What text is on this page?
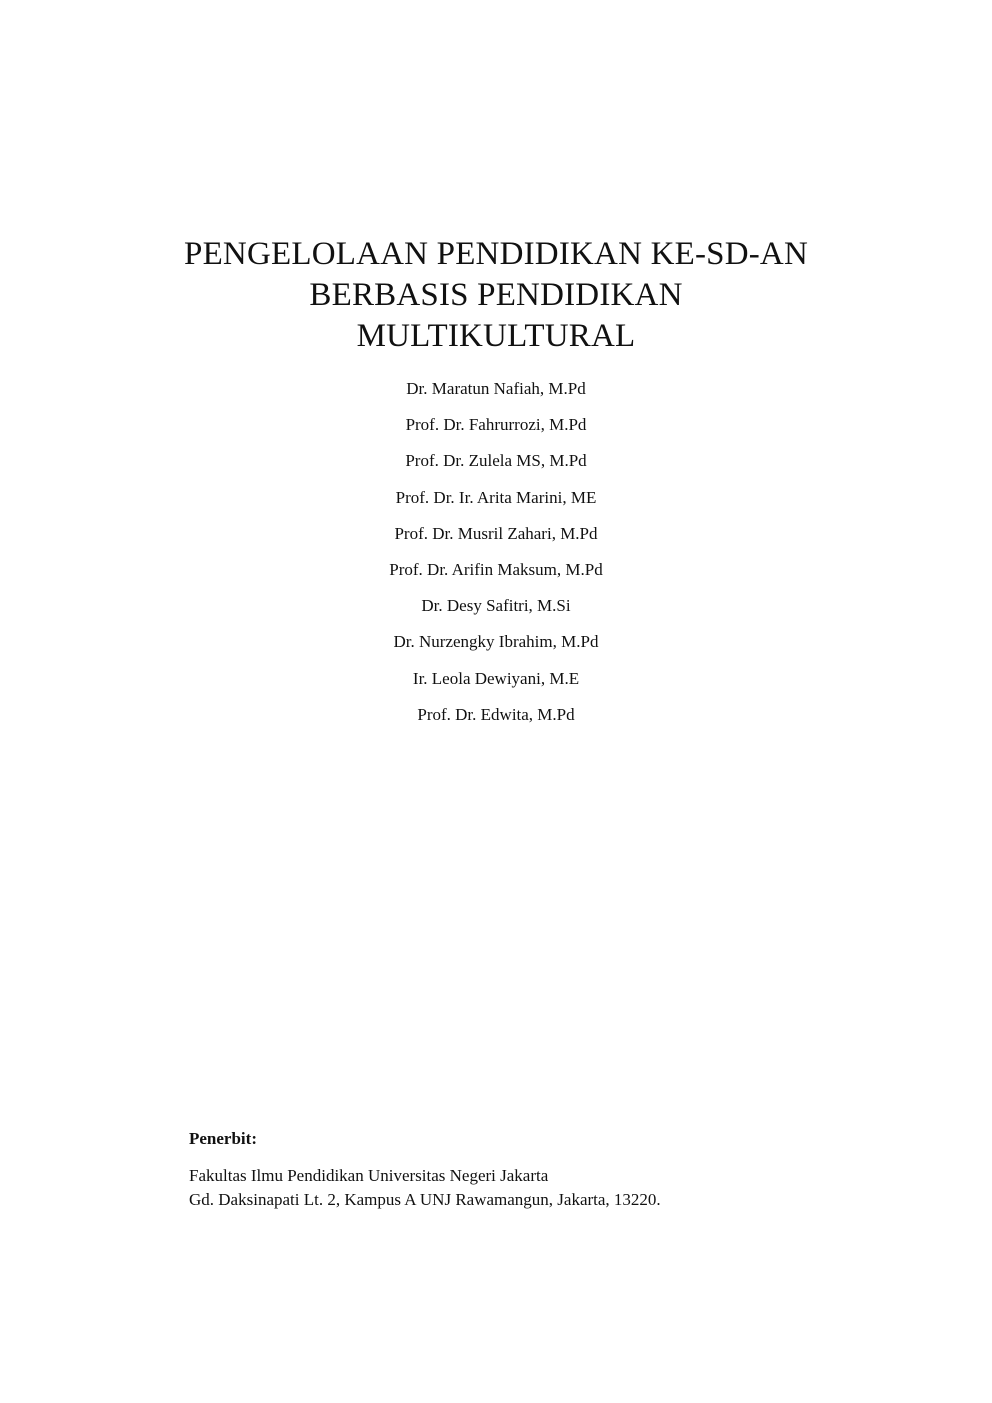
PENGELOLAAN PENDIDIKAN KE-SD-AN
BERBASIS PENDIDIKAN
MULTIKULTURAL
Dr. Maratun Nafiah, M.Pd
Prof. Dr. Fahrurrozi, M.Pd
Prof. Dr. Zulela MS, M.Pd
Prof. Dr. Ir. Arita Marini, ME
Prof. Dr. Musril Zahari, M.Pd
Prof. Dr. Arifin Maksum, M.Pd
Dr. Desy Safitri, M.Si
Dr. Nurzengky Ibrahim, M.Pd
Ir. Leola Dewiyani, M.E
Prof. Dr. Edwita, M.Pd
Penerbit:
Fakultas Ilmu Pendidikan Universitas Negeri Jakarta
Gd. Daksinapati Lt. 2, Kampus A UNJ Rawamangun, Jakarta, 13220.
